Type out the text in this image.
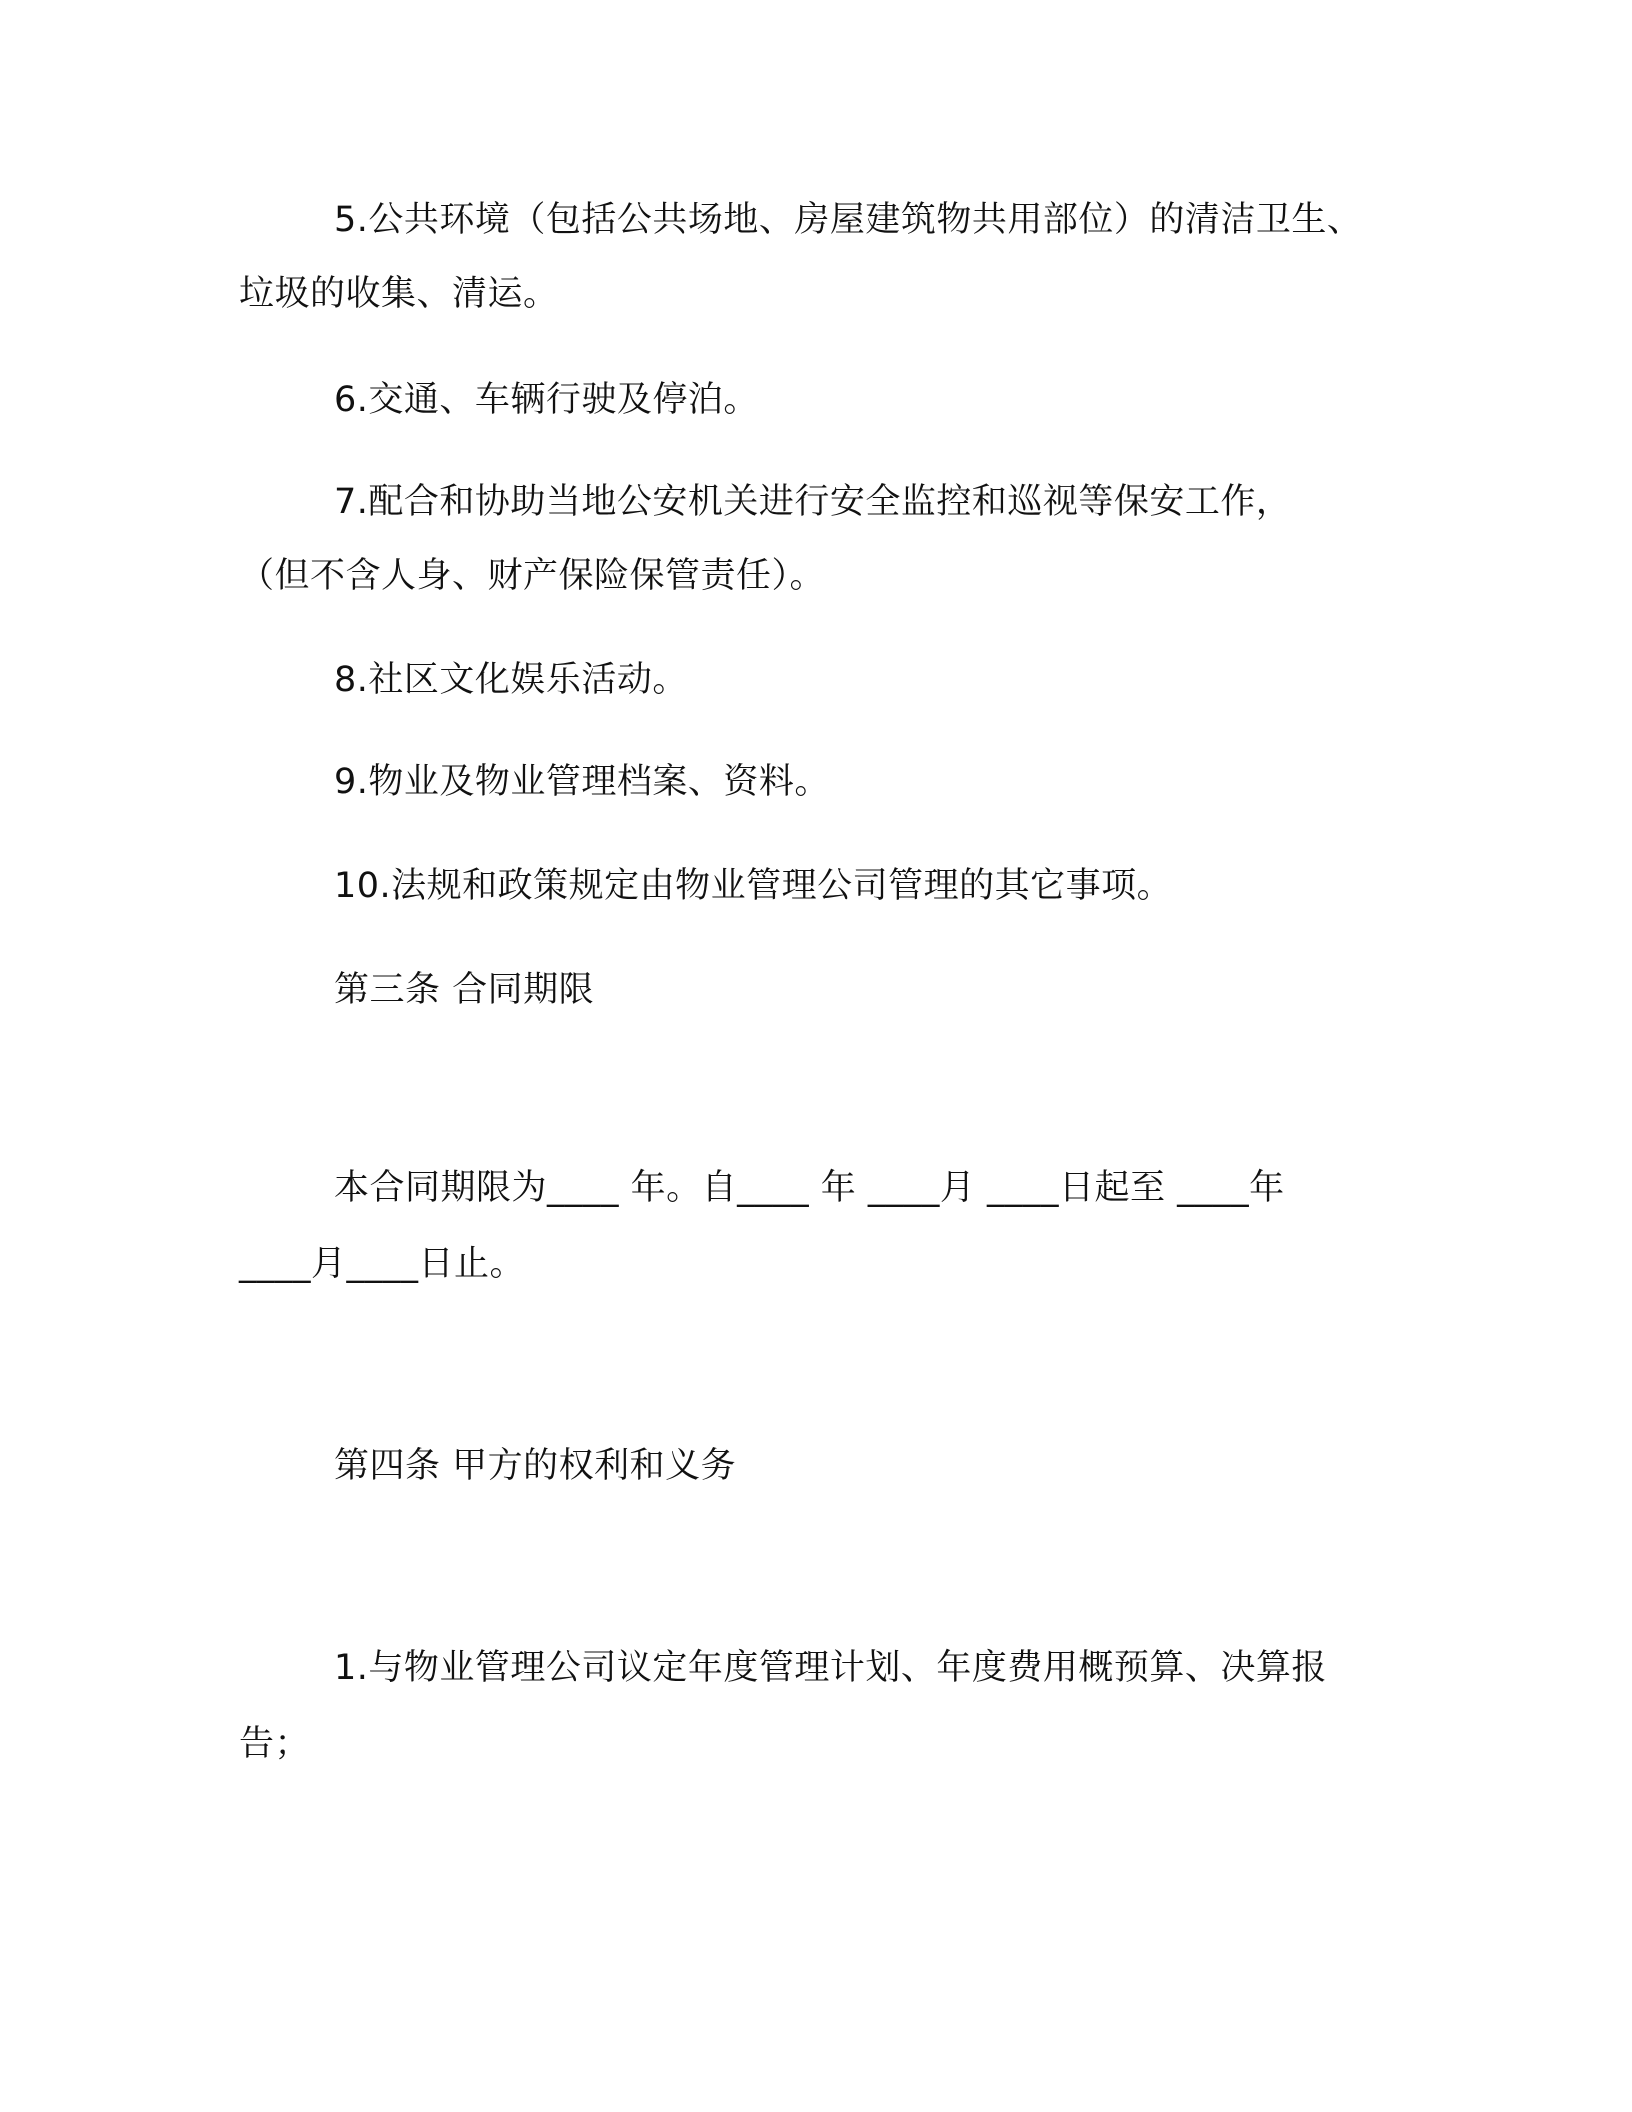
5.公共环境（包括公共场地、房屋建筑物共用部位）的清洁卫生、
垃圾的收集、清运。
6.交通、车辆行驶及停泊。
7.配合和协助当地公安机关进行安全监控和巡视等保安工作，
（但不含人身、财产保险保管责任）。
8.社区文化娱乐活动。
9.物业及物业管理档案、资料。
10.法规和政策规定由物业管理公司管理的其它事项。
第三条 合同期限
本合同期限为____ 年。自____ 年 ____月 ____日起至 ____年
____月____日止。
第四条 甲方的权利和义务
1.与物业管理公司议定年度管理计划、年度费用概预算、决算报
告；
